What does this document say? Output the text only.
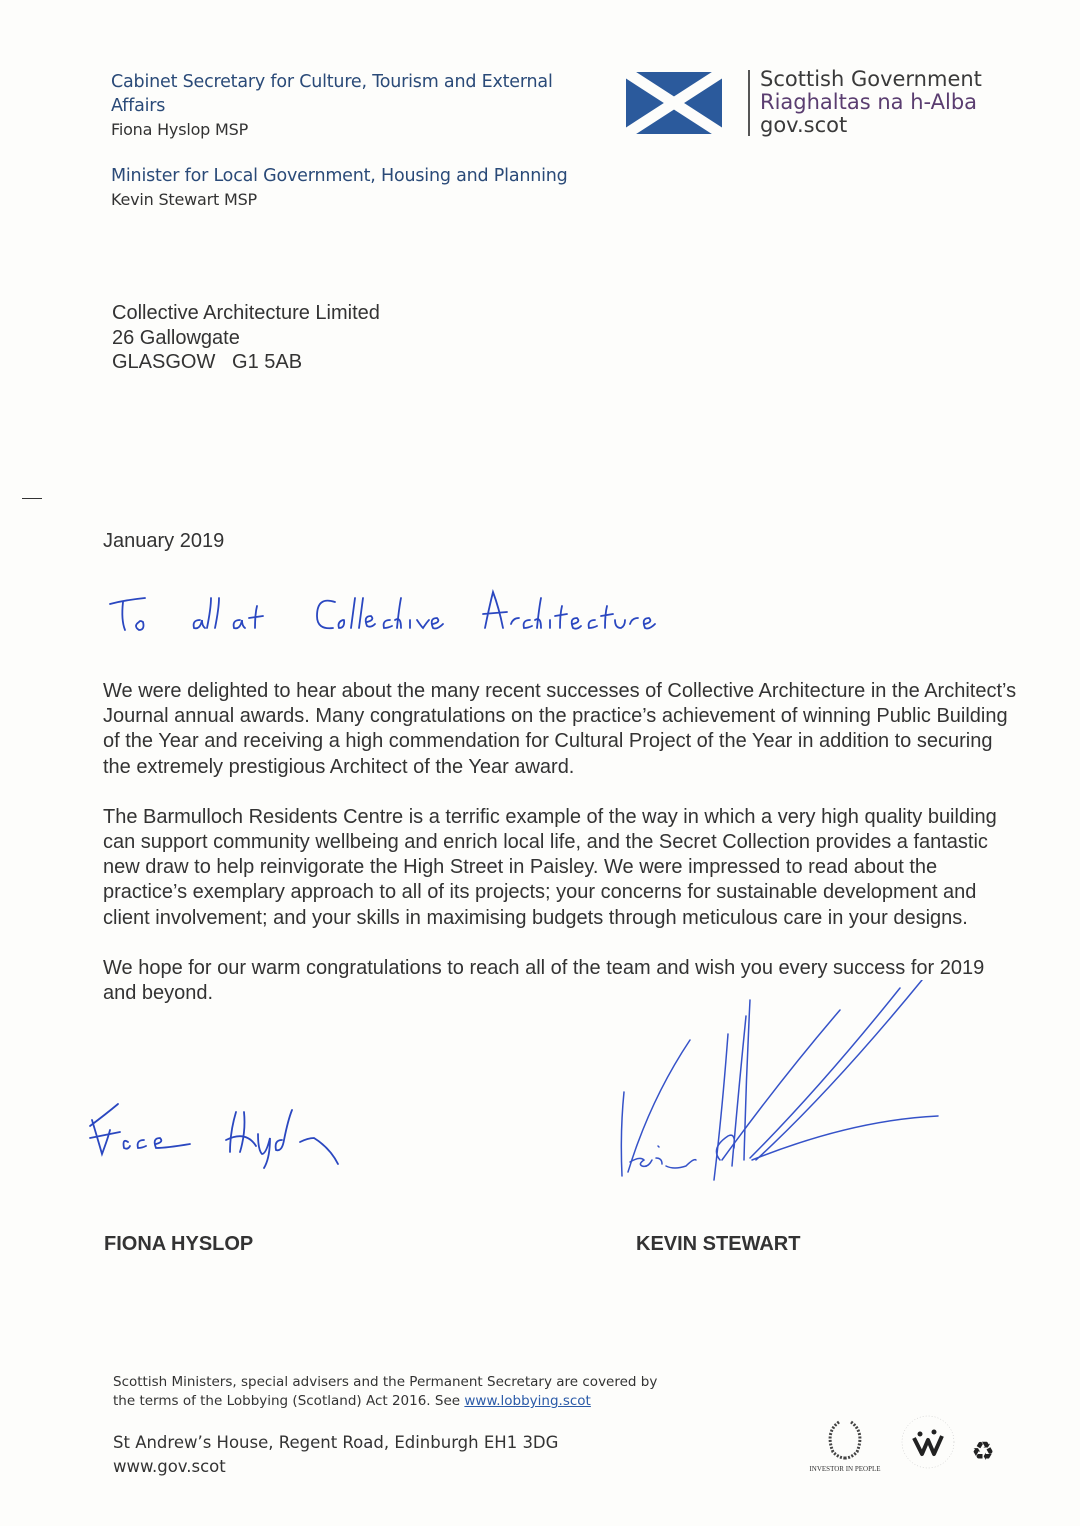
Cabinet Secretary for Culture, Tourism and External
Affairs
Fiona Hyslop MSP
Minister for Local Government, Housing and Planning
Kevin Stewart MSP
Scottish Government
Riaghaltas na h-Alba
gov.scot
Collective Architecture Limited
26 Gallowgate
GLASGOW   G1 5AB
January 2019

We were delighted to hear about the many recent successes of Collective Architecture in the Architect’s Journal annual awards. Many congratulations on the practice’s achievement of winning Public Building of the Year and receiving a high commendation for Cultural Project of the Year in addition to securing the extremely prestigious Architect of the Year award.

The Barmulloch Residents Centre is a terrific example of the way in which a very high quality building can support community wellbeing and enrich local life, and the Secret Collection provides a fantastic new draw to help reinvigorate the High Street in Paisley. We were impressed to read about the practice’s exemplary approach to all of its projects; your concerns for sustainable development and client involvement; and your skills in maximising budgets through meticulous care in your designs.

We hope for our warm congratulations to reach all of the team and wish you every success for 2019 and beyond.

FIONA HYSLOP	KEVIN STEWART
Scottish Ministers, special advisers and the Permanent Secretary are covered by the terms of the Lobbying (Scotland) Act 2016. See www.lobbying.scot
St Andrew’s House, Regent Road, Edinburgh EH1 3DG
www.gov.scot	INVESTOR IN PEOPLE
♻
